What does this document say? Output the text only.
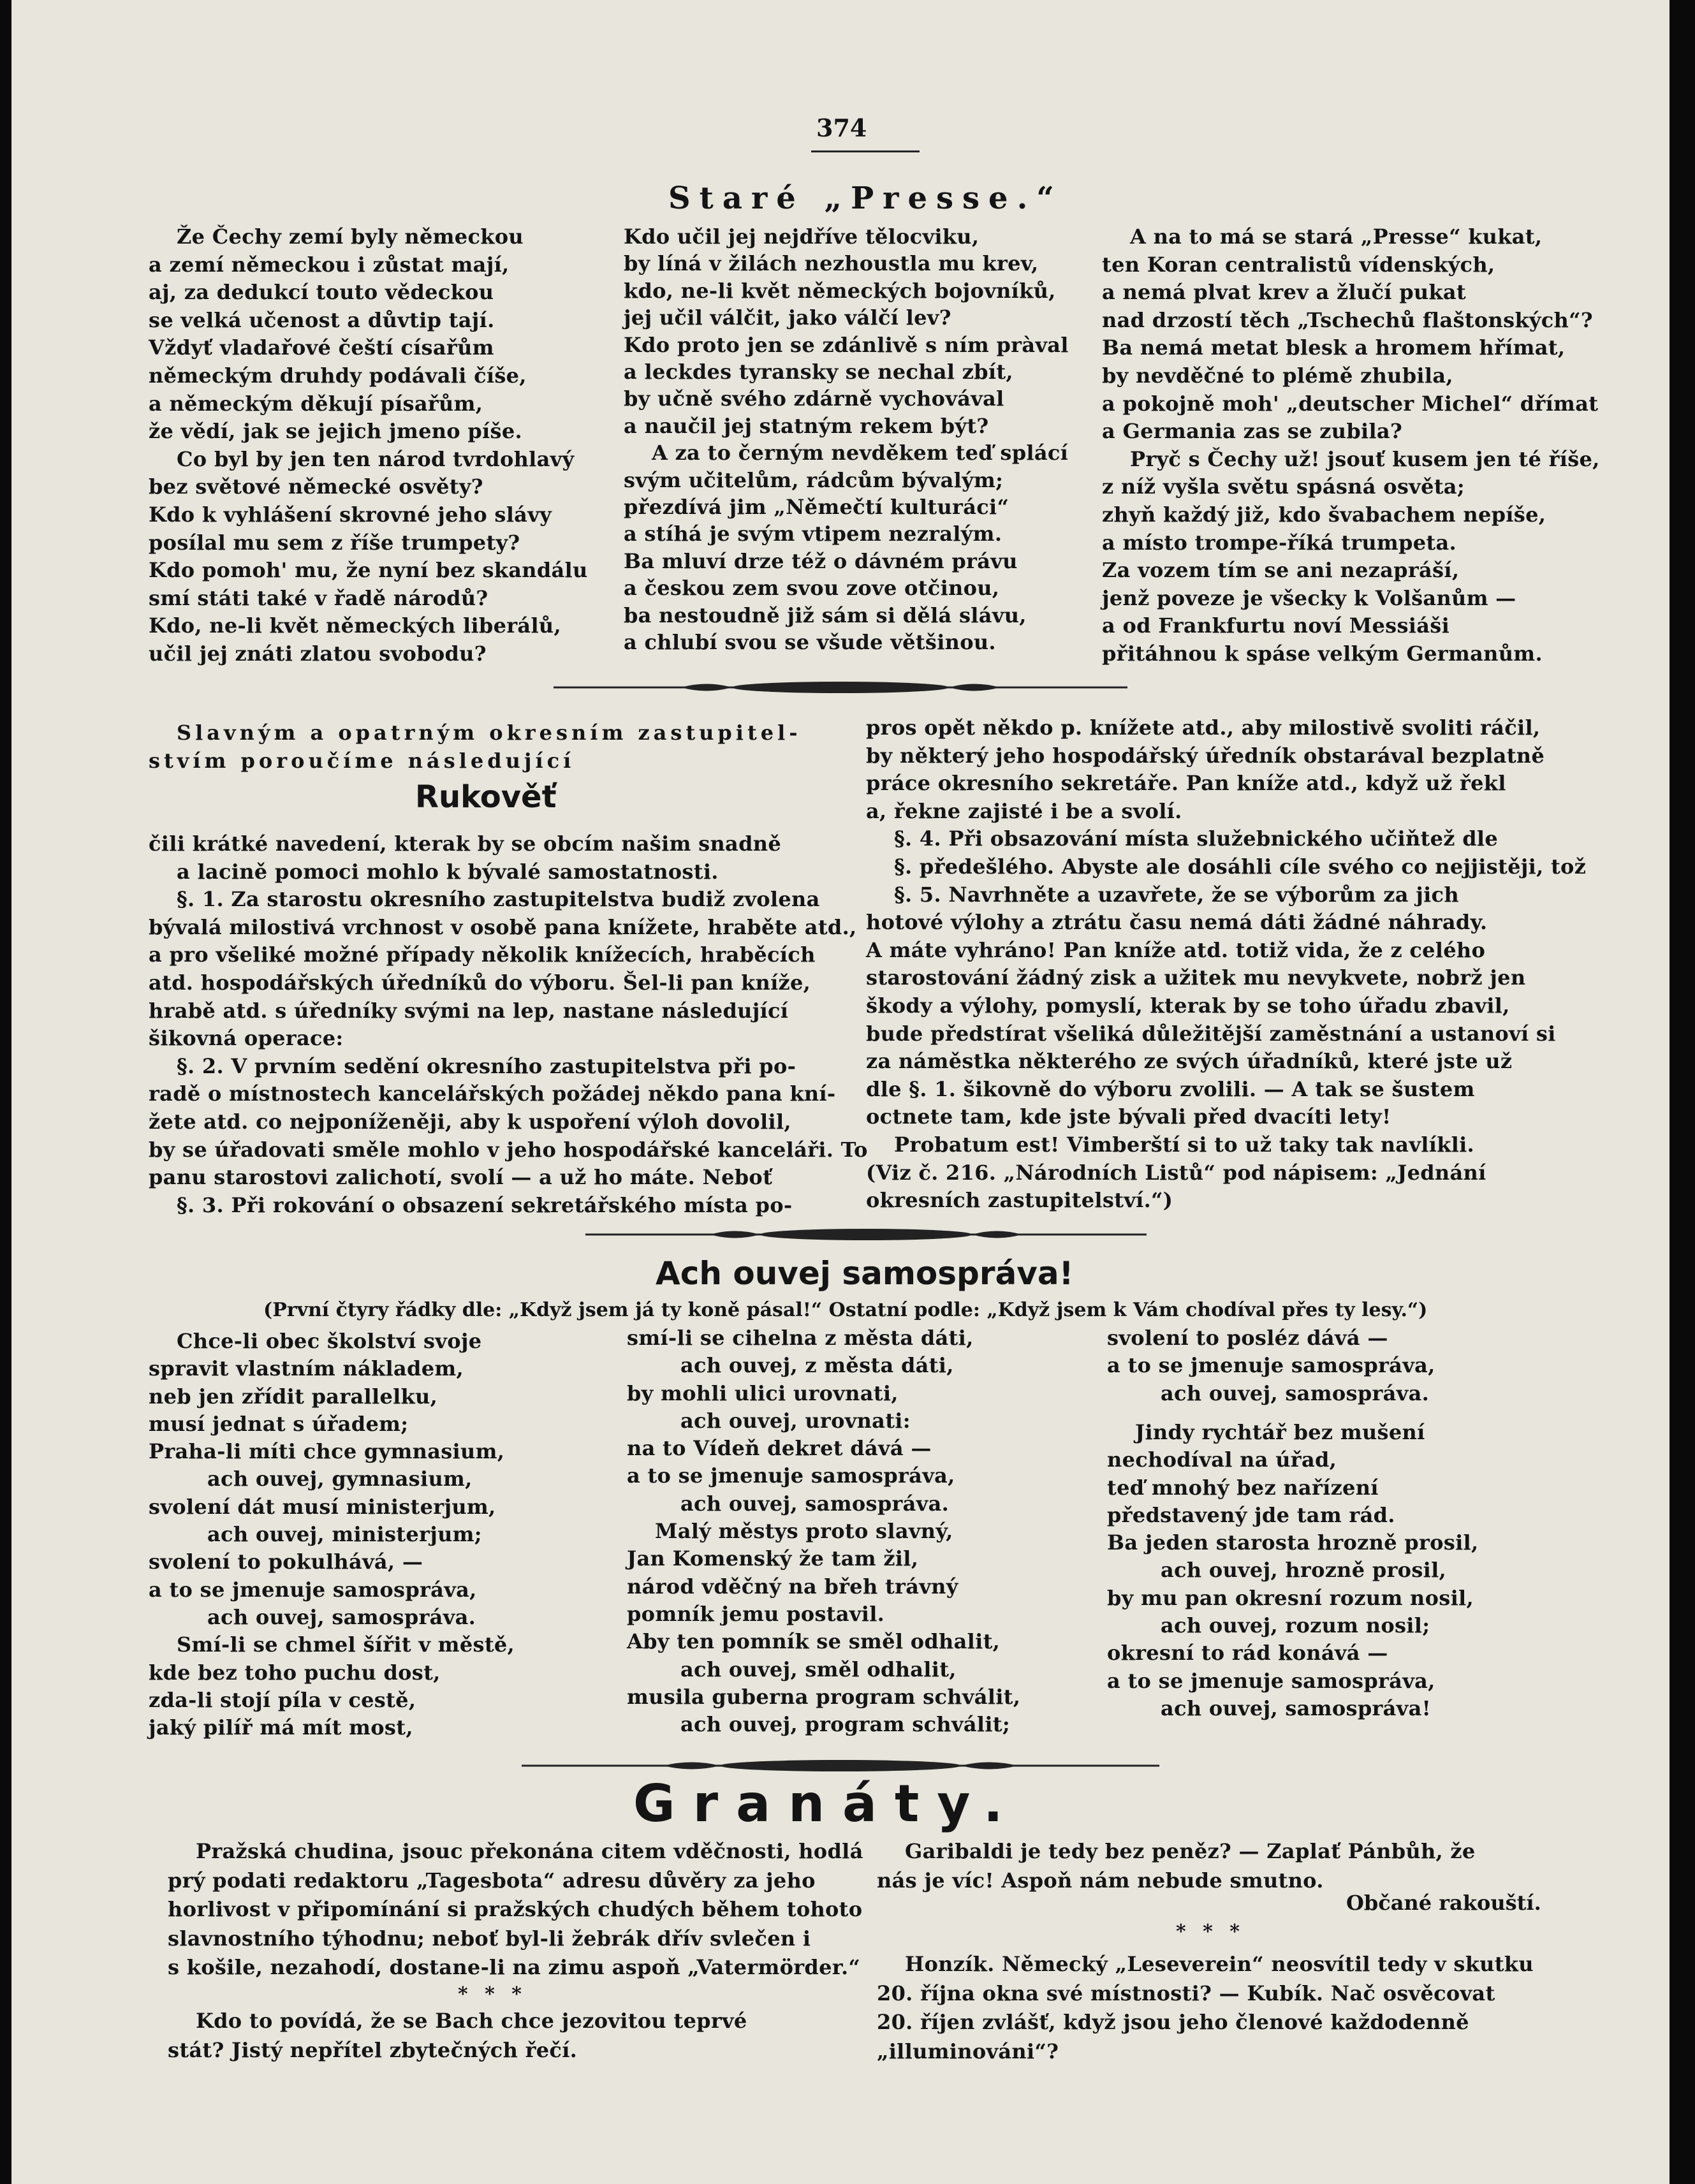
374
Staré „Presse.“
Že Čechy zemí byly německou
a zemí německou i zůstat mají,
aj, za dedukcí touto vědeckou
se velká učenost a důvtip tají.
Vždyť vladařové čeští císařům
německým druhdy podávali číše,
a německým děkují písařům,
že vědí, jak se jejich jmeno píše.
Co byl by jen ten národ tvrdohlavý
bez světové německé osvěty?
Kdo k vyhlášení skrovné jeho slávy
posílal mu sem z říše trumpety?
Kdo pomoh' mu, že nyní bez skandálu
smí státi také v řadě národů?
Kdo, ne-li květ německých liberálů,
učil jej znáti zlatou svobodu?
Kdo učil jej nejdříve tělocviku,
by líná v žilách nezhoustla mu krev,
kdo, ne-li květ německých bojovníků,
jej učil válčit, jako válčí lev?
Kdo proto jen se zdánlivě s ním pràval
a leckdes tyransky se nechal zbít,
by učně svého zdárně vychovával
a naučil jej statným rekem být?
A za to černým nevděkem teď splácí
svým učitelům, rádcům bývalým;
přezdívá jim „Němečtí kulturáci“
a stíhá je svým vtipem nezralým.
Ba mluví drze též o dávném právu
a českou zem svou zove otčinou,
ba nestoudně již sám si dělá slávu,
a chlubí svou se všude většinou.
A na to má se stará „Presse“ kukat,
ten Koran centralistů vídenských,
a nemá plvat krev a žlučí pukat
nad drzostí těch „Tschechů flaštonských“?
Ba nemá metat blesk a hromem hřímat,
by nevděčné to plémě zhubila,
a pokojně moh' „deutscher Michel“ dřímat
a Germania zas se zubila?
Pryč s Čechy už! jsouť kusem jen té říše,
z níž vyšla světu spásná osvěta;
zhyň každý již, kdo švabachem nepíše,
a místo trompe-říká trumpeta.
Za vozem tím se ani nezapráší,
jenž poveze je všecky k Volšanům —
a od Frankfurtu noví Messiáši
přitáhnou k spáse velkým Germanům.
Slavným a opatrným okresním zastupitel-
stvím poroučíme následující
Rukověť
čili krátké navedení, kterak by se obcím našim snadně
a lacině pomoci mohlo k bývalé samostatnosti.
§. 1. Za starostu okresního zastupitelstva budiž zvolena
bývalá milostivá vrchnost v osobě pana knížete, hraběte atd.,
a pro všeliké možné případy několik knížecích, hraběcích
atd. hospodářských úředníků do výboru. Šel-li pan kníže,
hrabě atd. s úředníky svými na lep, nastane následující
šikovná operace:
§. 2. V prvním sedění okresního zastupitelstva při po-
radě o místnostech kancelářských požádej někdo pana kní-
žete atd. co nejponíženěji, aby k uspoření výloh dovolil,
by se úřadovati směle mohlo v jeho hospodářské kanceláři. To
panu starostovi zalichotí, svolí — a už ho máte. Neboť
§. 3. Při rokování o obsazení sekretářského místa po-
pros opět někdo p. knížete atd., aby milostivě svoliti ráčil,
by některý jeho hospodářský úředník obstarával bezplatně
práce okresního sekretáře. Pan kníže atd., když už řekl
a, řekne zajisté i be a svolí.
§. 4. Při obsazování místa služebnického učiňtež dle
§. předešlého. Abyste ale dosáhli cíle svého co nejjistěji, tož
§. 5. Navrhněte a uzavřete, že se výborům za jich
hotové výlohy a ztrátu času nemá dáti žádné náhrady.
A máte vyhráno! Pan kníže atd. totiž vida, že z celého
starostování žádný zisk a užitek mu nevykvete, nobrž jen
škody a výlohy, pomyslí, kterak by se toho úřadu zbavil,
bude předstírat všeliká důležitější zaměstnání a ustanoví si
za náměstka některého ze svých úřadníků, které jste už
dle §. 1. šikovně do výboru zvolili. — A tak se šustem
octnete tam, kde jste bývali před dvacíti lety!
Probatum est! Vimberští si to už taky tak navlíkli.
(Viz č. 216. „Národních Listů“ pod nápisem: „Jednání
okresních zastupitelství.“)
Ach ouvej samospráva!
(První čtyry řádky dle: „Když jsem já ty koně pásal!“ Ostatní podle: „Když jsem k Vám chodíval přes ty lesy.“)
Chce-li obec školství svoje
spravit vlastním nákladem,
neb jen zřídit parallelku,
musí jednat s úřadem;
Praha-li míti chce gymnasium,
ach ouvej, gymnasium,
svolení dát musí ministerjum,
ach ouvej, ministerjum;
svolení to pokulhává, —
a to se jmenuje samospráva,
ach ouvej, samospráva.
Smí-li se chmel šířit v městě,
kde bez toho puchu dost,
zda-li stojí píla v cestě,
jaký pilíř má mít most,
smí-li se cihelna z města dáti,
ach ouvej, z města dáti,
by mohli ulici urovnati,
ach ouvej, urovnati:
na to Vídeň dekret dává —
a to se jmenuje samospráva,
ach ouvej, samospráva.
Malý městys proto slavný,
Jan Komenský že tam žil,
národ vděčný na břeh trávný
pomník jemu postavil.
Aby ten pomník se směl odhalit,
ach ouvej, směl odhalit,
musila guberna program schválit,
ach ouvej, program schválit;
svolení to posléz dává —
a to se jmenuje samospráva,
ach ouvej, samospráva.
Jindy rychtář bez mušení
nechodíval na úřad,
teď mnohý bez nařízení
představený jde tam rád.
Ba jeden starosta hrozně prosil,
ach ouvej, hrozně prosil,
by mu pan okresní rozum nosil,
ach ouvej, rozum nosil;
okresní to rád konává —
a to se jmenuje samospráva,
ach ouvej, samospráva!
Granáty.
Pražská chudina, jsouc překonána citem vděčnosti, hodlá
prý podati redaktoru „Tagesbota“ adresu důvěry za jeho
horlivost v připomínání si pražských chudých během tohoto
slavnostního týhodnu; neboť byl-li žebrák dřív svlečen i
s košile, nezahodí, dostane-li na zimu aspoň „Vatermörder.“
* * *
Kdo to povídá, že se Bach chce jezovitou teprvé
stát? Jistý nepřítel zbytečných řečí.
Garibaldi je tedy bez peněz? — Zaplať Pánbůh, že
nás je víc! Aspoň nám nebude smutno.
Občané rakouští.
* * *
Honzík. Německý „Leseverein“ neosvítil tedy v skutku
20. října okna své místnosti? — Kubík. Nač osvěcovat
20. říjen zvlášť, když jsou jeho členové každodenně
„illuminováni“?
